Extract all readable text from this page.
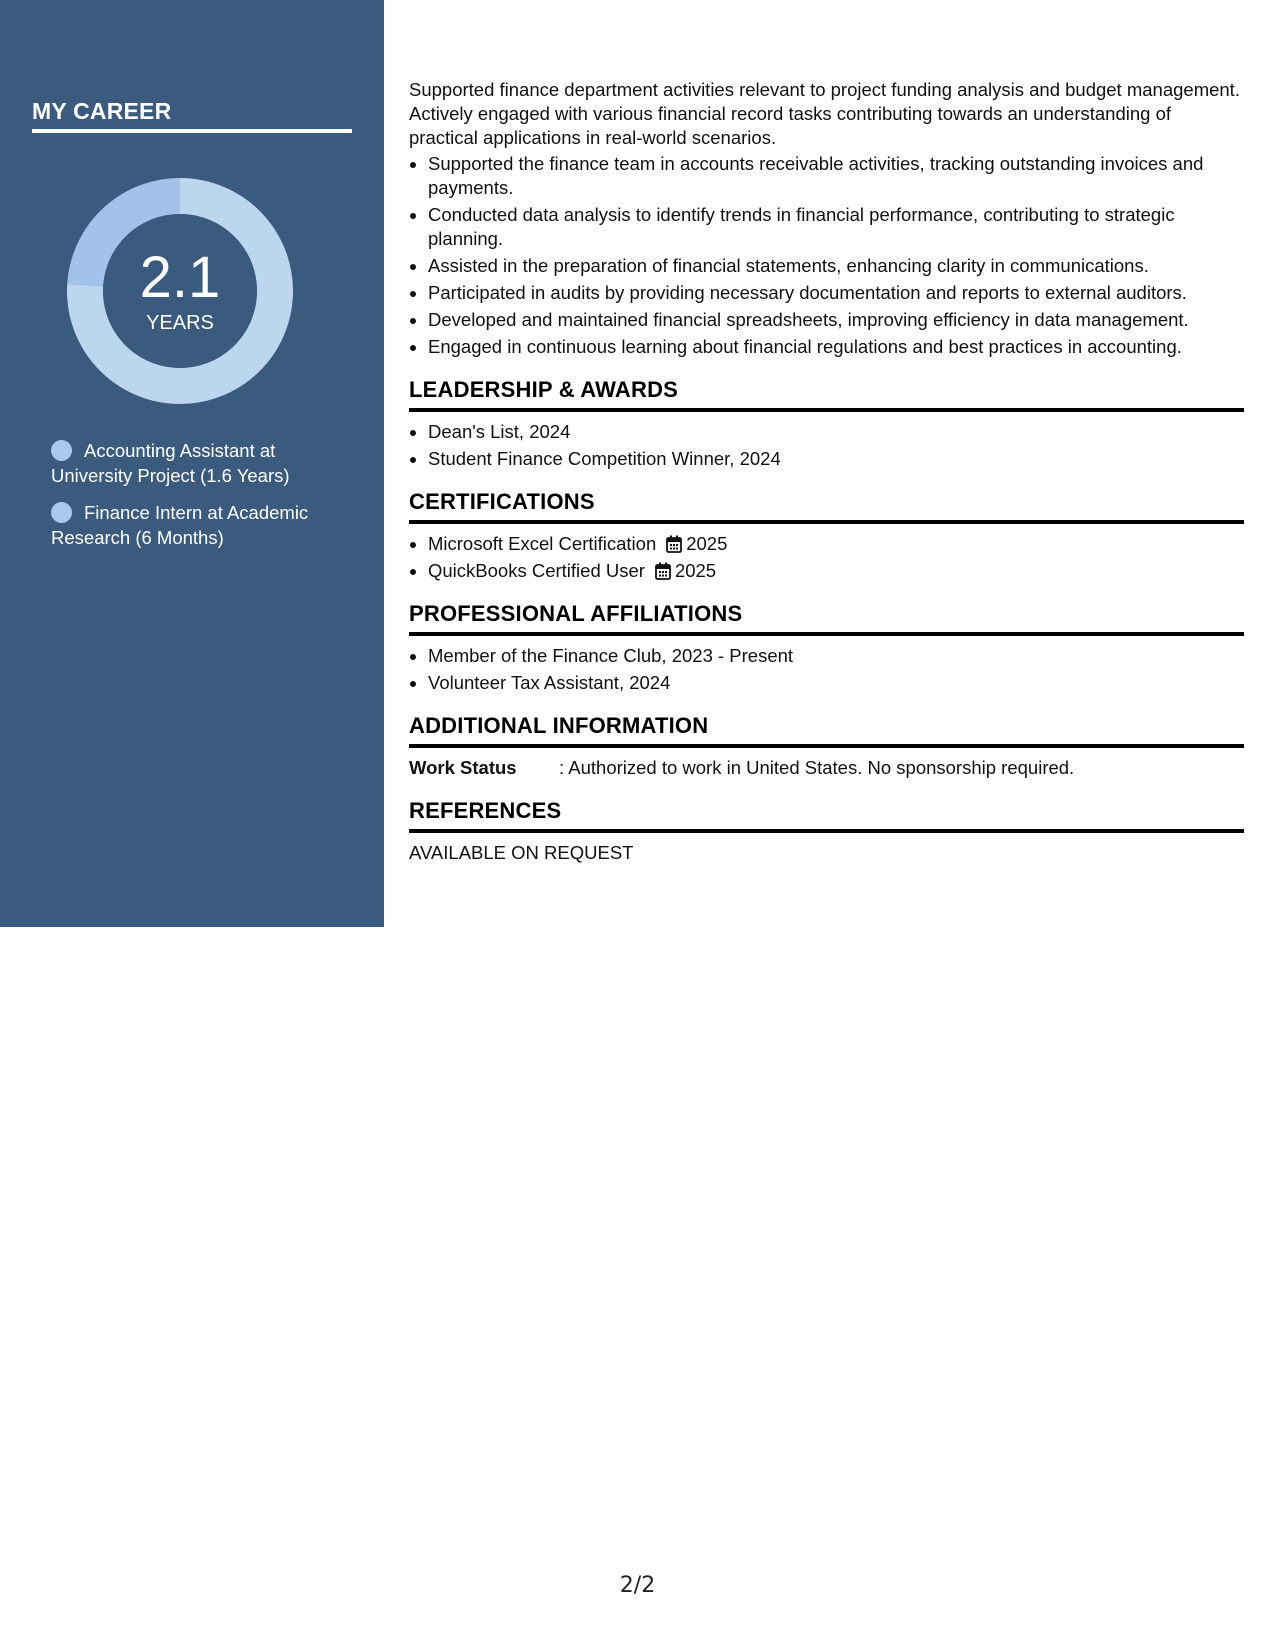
MY CAREER
2.1
YEARS
Accounting Assistant at University Project (1.6 Years)
Finance Intern at Academic Research (6 Months)

Supported finance department activities relevant to project funding analysis and budget management. Actively engaged with various financial record tasks contributing towards an understanding of practical applications in real-world scenarios.

• Supported the finance team in accounts receivable activities, tracking outstanding invoices and payments.
• Conducted data analysis to identify trends in financial performance, contributing to strategic planning.
• Assisted in the preparation of financial statements, enhancing clarity in communications.
• Participated in audits by providing necessary documentation and reports to external auditors.
• Developed and maintained financial spreadsheets, improving efficiency in data management.
• Engaged in continuous learning about financial regulations and best practices in accounting.
LEADERSHIP & AWARDS
• Dean's List, 2024
• Student Finance Competition Winner, 2024
CERTIFICATIONS
• Microsoft Excel Certification 2025
• QuickBooks Certified User 2025
PROFESSIONAL AFFILIATIONS
• Member of the Finance Club, 2023 - Present
• Volunteer Tax Assistant, 2024
ADDITIONAL INFORMATION

Work Status : Authorized to work in United States. No sponsorship required.

REFERENCES

AVAILABLE ON REQUEST

2/2
